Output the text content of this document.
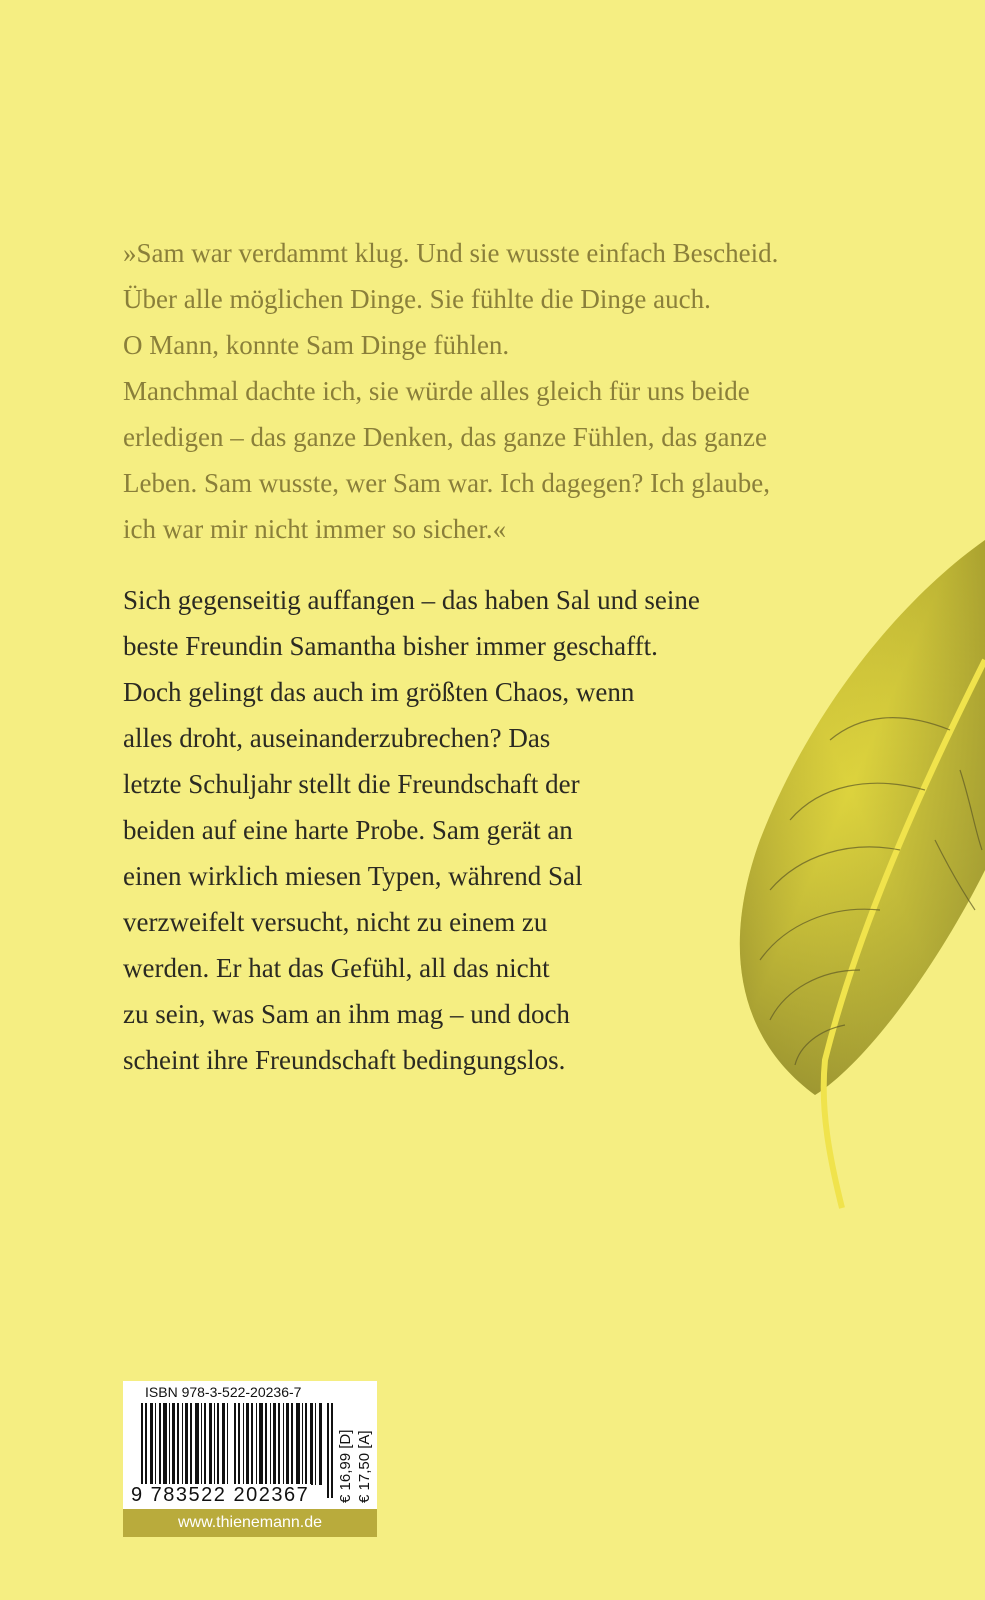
»Sam war verdammt klug. Und sie wusste einfach Bescheid.
Über alle möglichen Dinge. Sie fühlte die Dinge auch.
O Mann, konnte Sam Dinge fühlen.
Manchmal dachte ich, sie würde alles gleich für uns beide
erledigen – das ganze Denken, das ganze Fühlen, das ganze
Leben. Sam wusste, wer Sam war. Ich dagegen? Ich glaube,
ich war mir nicht immer so sicher.«
Sich gegenseitig auffangen – das haben Sal und seine
beste Freundin Samantha bisher immer geschafft.
Doch gelingt das auch im größten Chaos, wenn
alles droht, auseinanderzubrechen? Das
letzte Schuljahr stellt die Freundschaft der
beiden auf eine harte Probe. Sam gerät an
einen wirklich miesen Typen, während Sal
verzweifelt versucht, nicht zu einem zu
werden. Er hat das Gefühl, all das nicht
zu sein, was Sam an ihm mag – und doch
scheint ihre Freundschaft bedingungslos.
ISBN 978-3-522-20236-7
9 783522 202367 € 16,99 [D] € 17,50 [A]
www.thienemann.de
